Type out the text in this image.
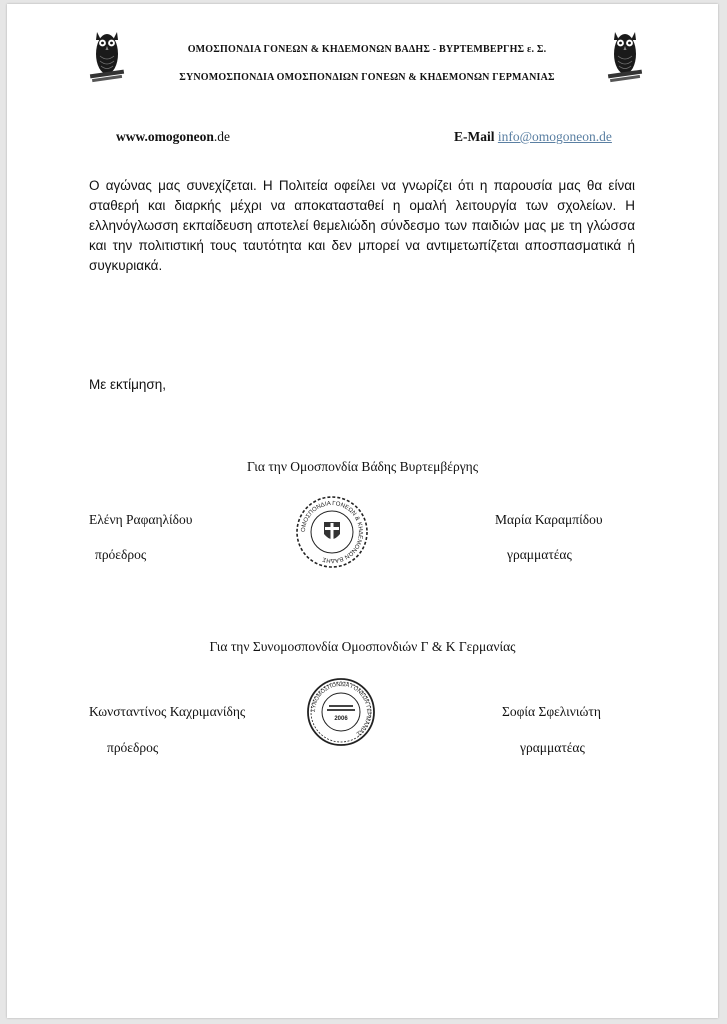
ΟΜΟΣΠΟΝΔΙΑ ΓΟΝΕΩΝ & ΚΗΔΕΜΟΝΩΝ ΒΑΔΗΣ - ΒΥΡΤΕΜΒΕΡΓΗΣ ε. Σ.
ΣΥΝΟΜΟΣΠΟΝΔΙΑ ΟΜΟΣΠΟΝΔΙΩΝ ΓΟΝΕΩΝ & ΚΗΔΕΜΟΝΩΝ ΓΕΡΜΑΝΙΑΣ
www.omogoneon.de	E-Mail info@omogoneon.de

Ο αγώνας μας συνεχίζεται. Η Πολιτεία οφείλει να γνωρίζει ότι η παρουσία μας θα είναι σταθερή και διαρκής μέχρι να αποκατασταθεί η ομαλή λειτουργία των σχολείων. Η ελληνόγλωσση εκπαίδευση αποτελεί θεμελιώδη σύνδεσμο των παιδιών μας με τη γλώσσα και την πολιτιστική τους ταυτότητα και δεν μπορεί να αντιμετωπίζεται αποσπασματικά ή συγκυριακά.

Με εκτίμηση,

Για την Ομοσπονδία Βάδης Βυρτεμβέργης

Ελένη Ραφαηλίδου

πρόεδρος

Μαρία Καραμπίδου

γραμματέας

ΟΜΟΣΠΟΝΔΙΑ ΓΟΝΕΩΝ & ΚΗΔΕΜΟΝΩΝ ΒΑΔΗΣ

Για την Συνομοσπονδία Ομοσπονδιών Γ & Κ Γερμανίας

Κωνσταντίνος Καχριμανίδης

πρόεδρος

Σοφία Σφελινιώτη

γραμματέας

ΣΥΝΟΜΟΣΠΟΝΔΙΑ ΓΟΝΕΩΝ ΓΕΡΜΑΝΙΑΣ
2006
